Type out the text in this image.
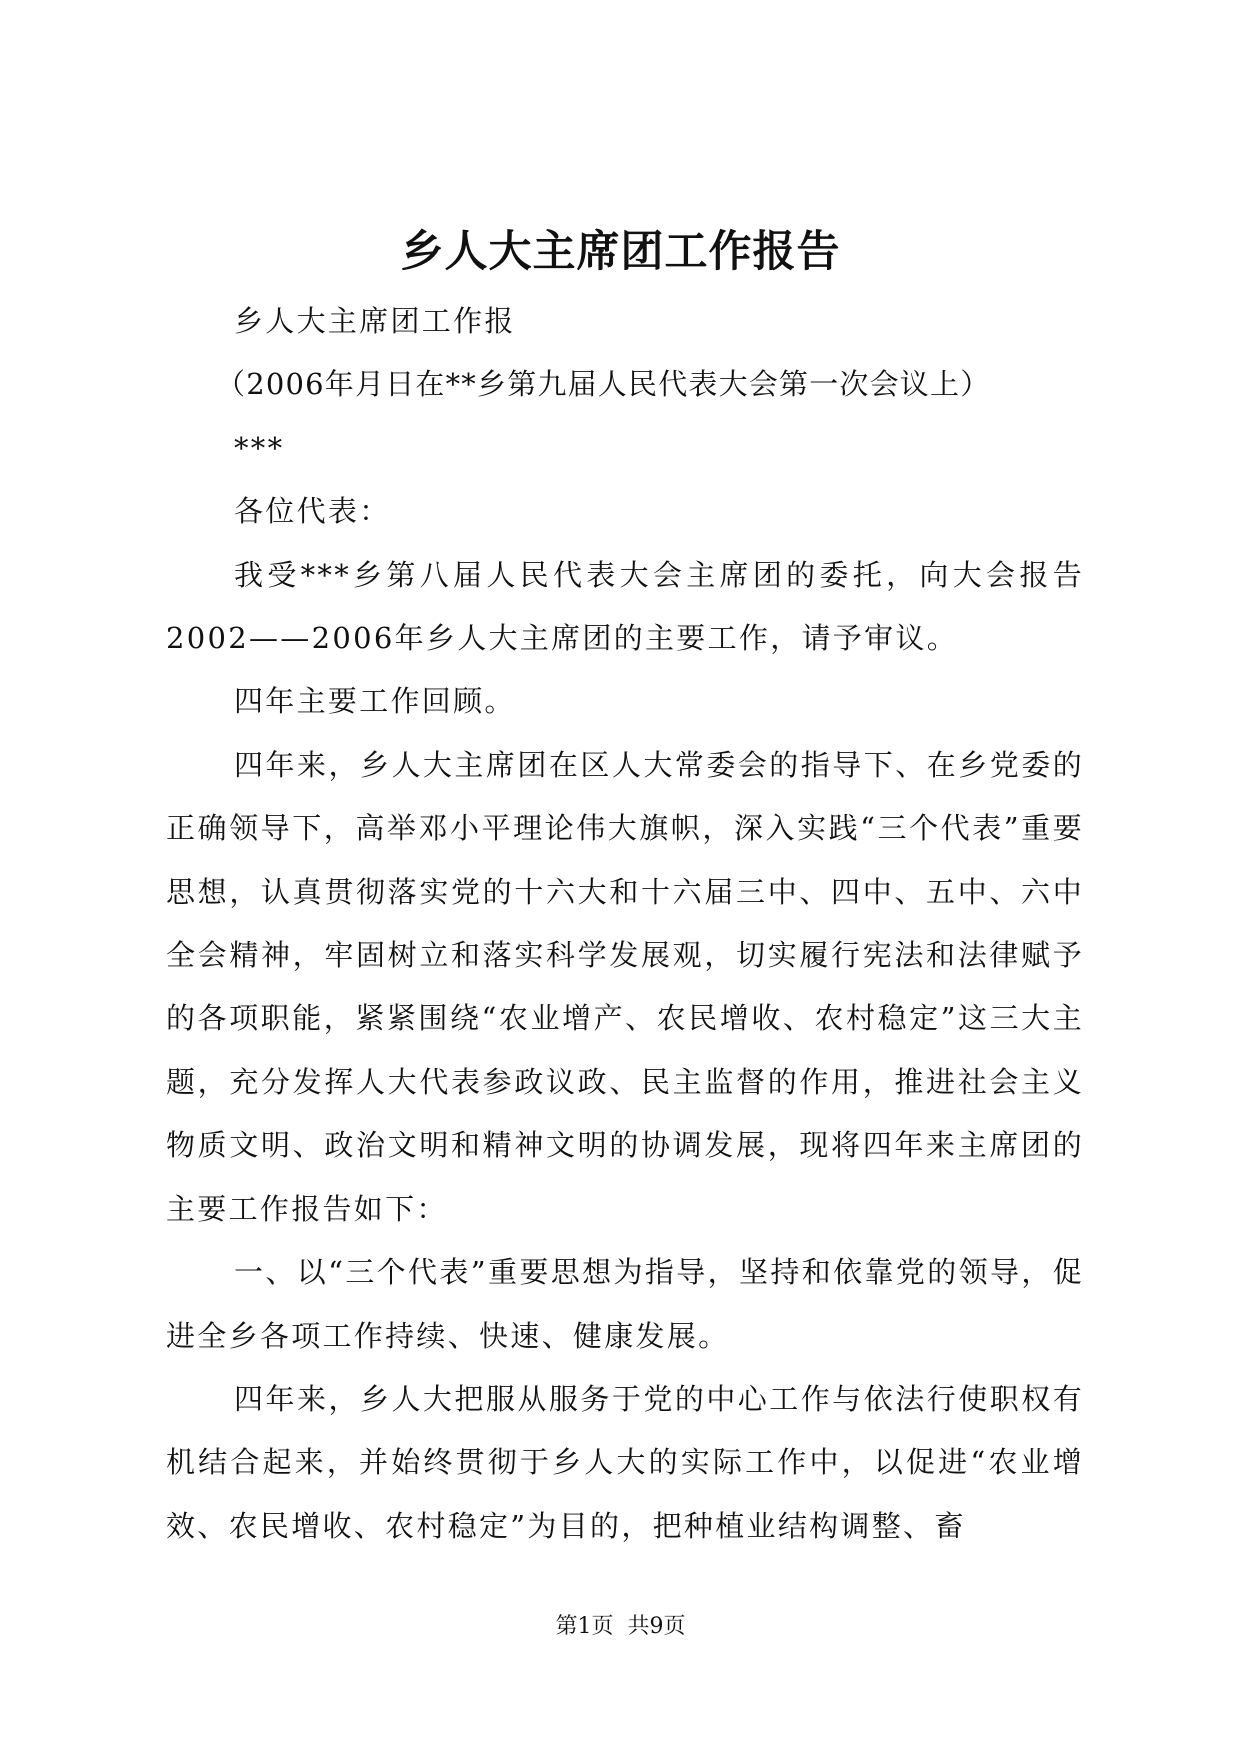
乡人大主席团工作报告

乡人大主席团工作报

（2006年月日在**乡第九届人民代表大会第一次会议上）

***

各位代表：

我受***乡第八届人民代表大会主席团的委托，向大会报告2002——2006年乡人大主席团的主要工作，请予审议。

四年主要工作回顾。

四年来，乡人大主席团在区人大常委会的指导下、在乡党委的正确领导下，高举邓小平理论伟大旗帜，深入实践“三个代表”重要思想，认真贯彻落实党的十六大和十六届三中、四中、五中、六中全会精神，牢固树立和落实科学发展观，切实履行宪法和法律赋予的各项职能，紧紧围绕“农业增产、农民增收、农村稳定”这三大主题，充分发挥人大代表参政议政、民主监督的作用，推进社会主义物质文明、政治文明和精神文明的协调发展，现将四年来主席团的主要工作报告如下：

一、以“三个代表”重要思想为指导，坚持和依靠党的领导，促进全乡各项工作持续、快速、健康发展。

四年来，乡人大把服从服务于党的中心工作与依法行使职权有机结合起来，并始终贯彻于乡人大的实际工作中，以促进“农业增效、农民增收、农村稳定”为目的，把种植业结构调整、畜

第1页  共9页
